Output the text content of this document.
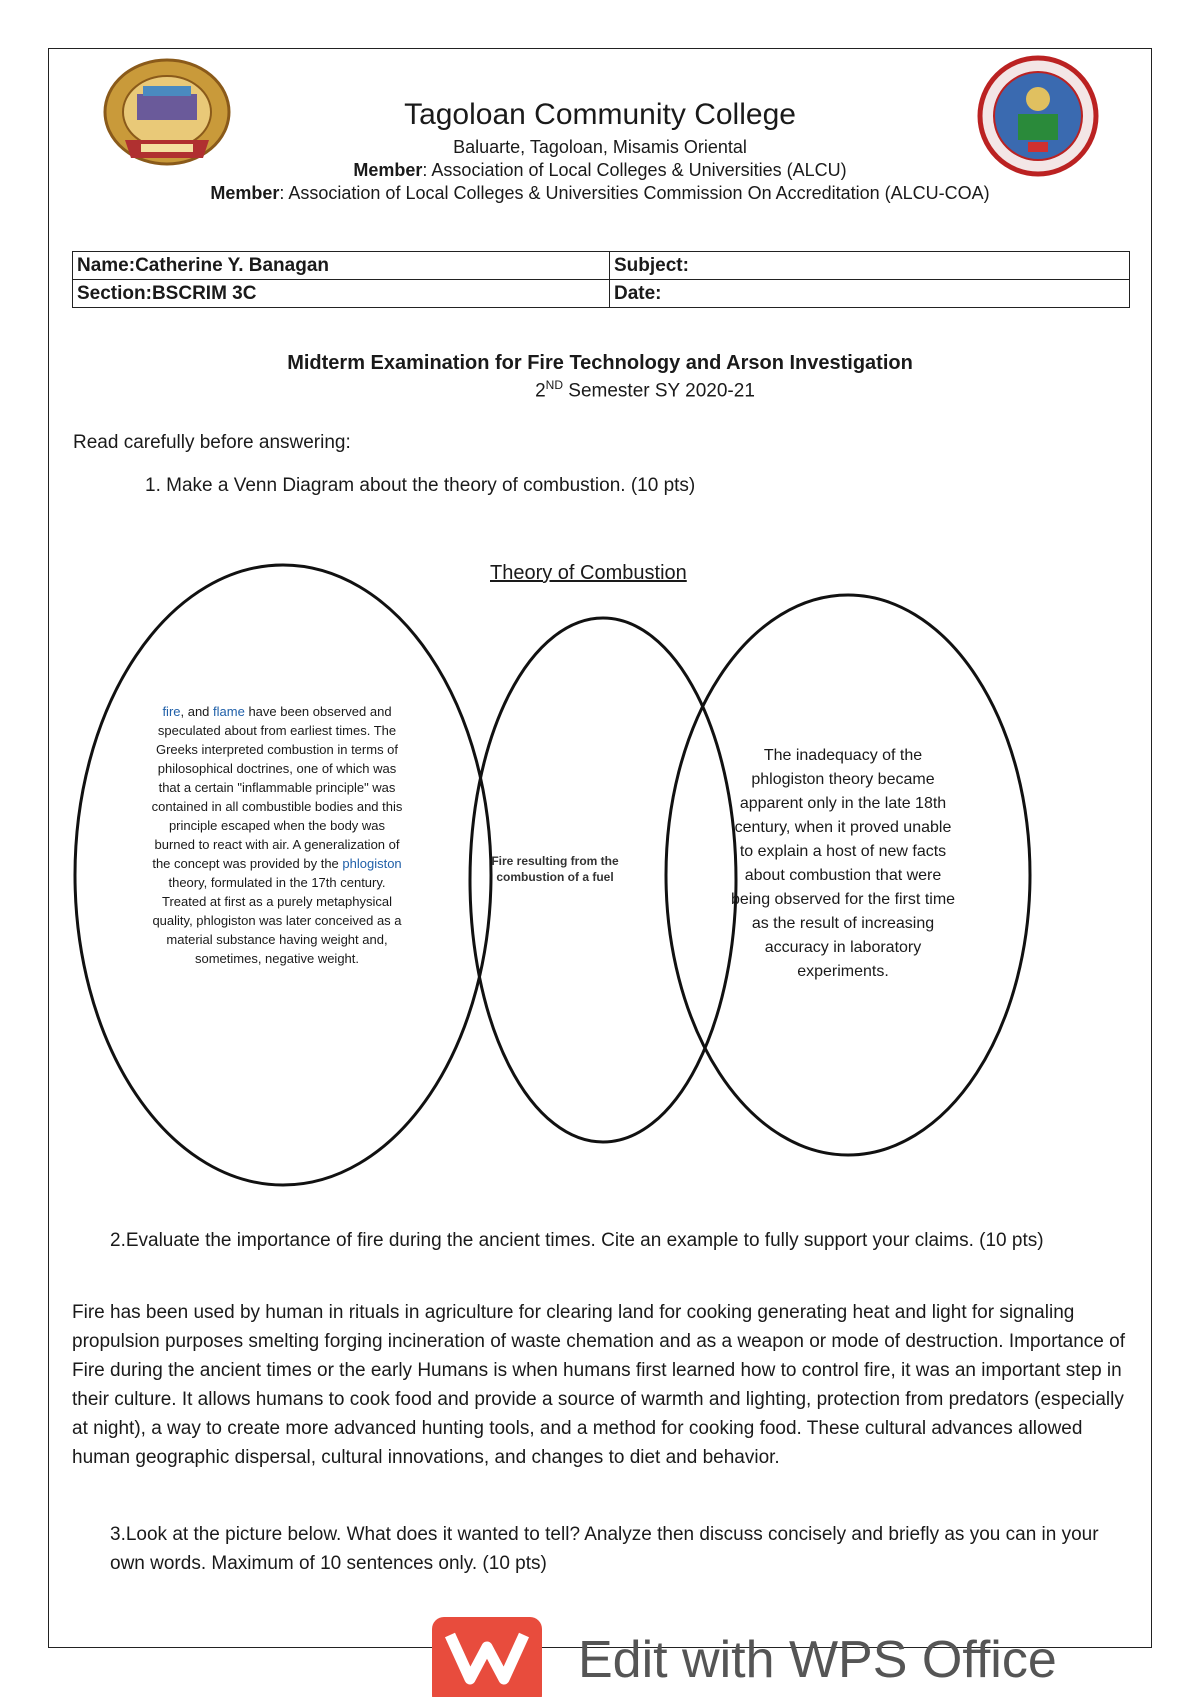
Tagoloan Community College
Baluarte, Tagoloan, Misamis Oriental
Member: Association of Local Colleges & Universities (ALCU)
Member: Association of Local Colleges & Universities Commission On Accreditation (ALCU-COA)
Name:Catherine Y. Banagan	Subject:
Section:BSCRIM 3C	Date:
Midterm Examination for Fire Technology and Arson Investigation
2ND Semester SY 2020-21
Read carefully before answering:
1. Make a Venn Diagram about the theory of combustion. (10 pts)
Theory of Combustion
fire, and flame have been observed and speculated about from earliest times. The Greeks interpreted combustion in terms of philosophical doctrines, one of which was that a certain "inflammable principle" was contained in all combustible bodies and this principle escaped when the body was burned to react with air. A generalization of the concept was provided by the phlogiston theory, formulated in the 17th century. Treated at first as a purely metaphysical quality, phlogiston was later conceived as a material substance having weight and, sometimes, negative weight.
Fire resulting from the combustion of a fuel
The inadequacy of the phlogiston theory became apparent only in the late 18th century, when it proved unable to explain a host of new facts about combustion that were being observed for the first time as the result of increasing accuracy in laboratory experiments.
2.Evaluate the importance of fire during the ancient times. Cite an example to fully support your claims. (10 pts)
Fire has been used by human in rituals in agriculture for clearing land for cooking generating heat and light for signaling propulsion purposes smelting forging incineration of waste chemation and as a weapon or mode of destruction. Importance of Fire during the ancient times or the early Humans is when humans first learned how to control fire, it was an important step in their culture. It allows humans to cook food and provide a source of warmth and lighting, protection from predators (especially at night), a way to create more advanced hunting tools, and a method for cooking food. These cultural advances allowed human geographic dispersal, cultural innovations, and changes to diet and behavior.
3.Look at the picture below. What does it wanted to tell? Analyze then discuss concisely and briefly as you can in your own words. Maximum of 10 sentences only. (10 pts)
Edit with WPS Office
